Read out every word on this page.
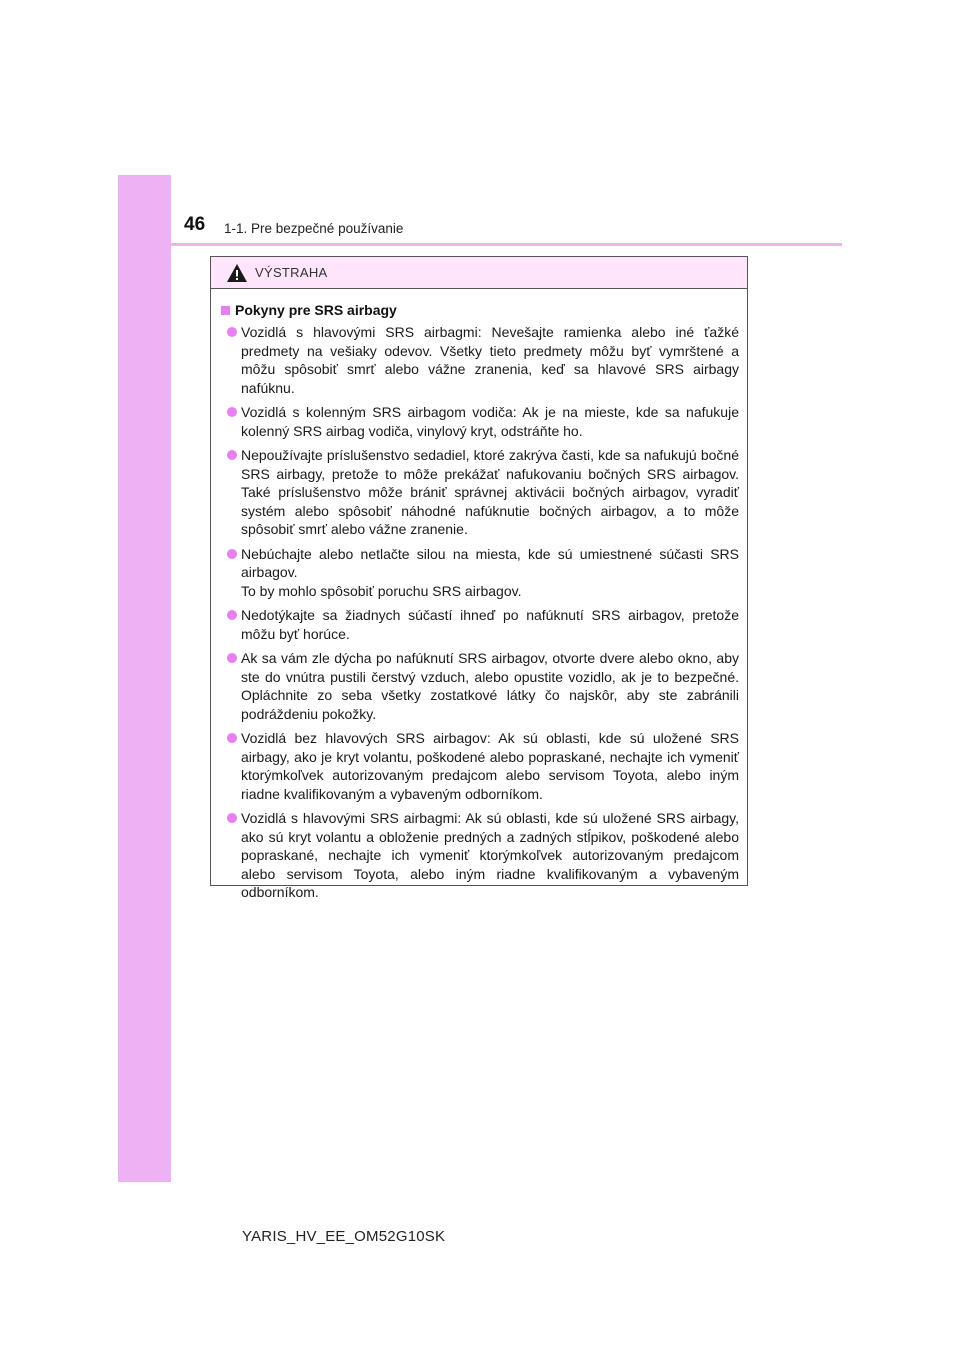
46 1-1. Pre bezpečné používanie
VÝSTRAHA
Pokyny pre SRS airbagy
Vozidlá s hlavovými SRS airbagmi: Nevešajte ramienka alebo iné ťažké predmety na vešiaky odevov. Všetky tieto predmety môžu byť vymrštené a môžu spôsobiť smrť alebo vážne zranenia, keď sa hlavové SRS airbagy nafúknu.
Vozidlá s kolenným SRS airbagom vodiča: Ak je na mieste, kde sa nafukuje kolenný SRS airbag vodiča, vinylový kryt, odstráňte ho.
Nepoužívajte príslušenstvo sedadiel, ktoré zakrýva časti, kde sa nafukujú bočné SRS airbagy, pretože to môže prekážať nafukovaniu bočných SRS airbagov. Také príslušenstvo môže brániť správnej aktivácii bočných airbagov, vyradiť systém alebo spôsobiť náhodné nafúknutie bočných airbagov, a to môže spôsobiť smrť alebo vážne zranenie.
Nebúchajte alebo netlačte silou na miesta, kde sú umiestnené súčasti SRS airbagov.
To by mohlo spôsobiť poruchu SRS airbagov.
Nedotýkajte sa žiadnych súčastí ihneď po nafúknutí SRS airbagov, pretože môžu byť horúce.
Ak sa vám zle dýcha po nafúknutí SRS airbagov, otvorte dvere alebo okno, aby ste do vnútra pustili čerstvý vzduch, alebo opustite vozidlo, ak je to bezpečné. Opláchnite zo seba všetky zostatkové látky čo najskôr, aby ste zabránili podráždeniu pokožky.
Vozidlá bez hlavových SRS airbagov: Ak sú oblasti, kde sú uložené SRS airbagy, ako je kryt volantu, poškodené alebo popraskané, nechajte ich vymeniť ktorýmkoľvek autorizovaným predajcom alebo servisom Toyota, alebo iným riadne kvalifikovaným a vybaveným odborníkom.
Vozidlá s hlavovými SRS airbagmi: Ak sú oblasti, kde sú uložené SRS airbagy, ako sú kryt volantu a obloženie predných a zadných stĺpikov, poškodené alebo popraskané, nechajte ich vymeniť ktorýmkoľvek autorizovaným predajcom alebo servisom Toyota, alebo iným riadne kvalifikovaným a vybaveným odborníkom.
YARIS_HV_EE_OM52G10SK
